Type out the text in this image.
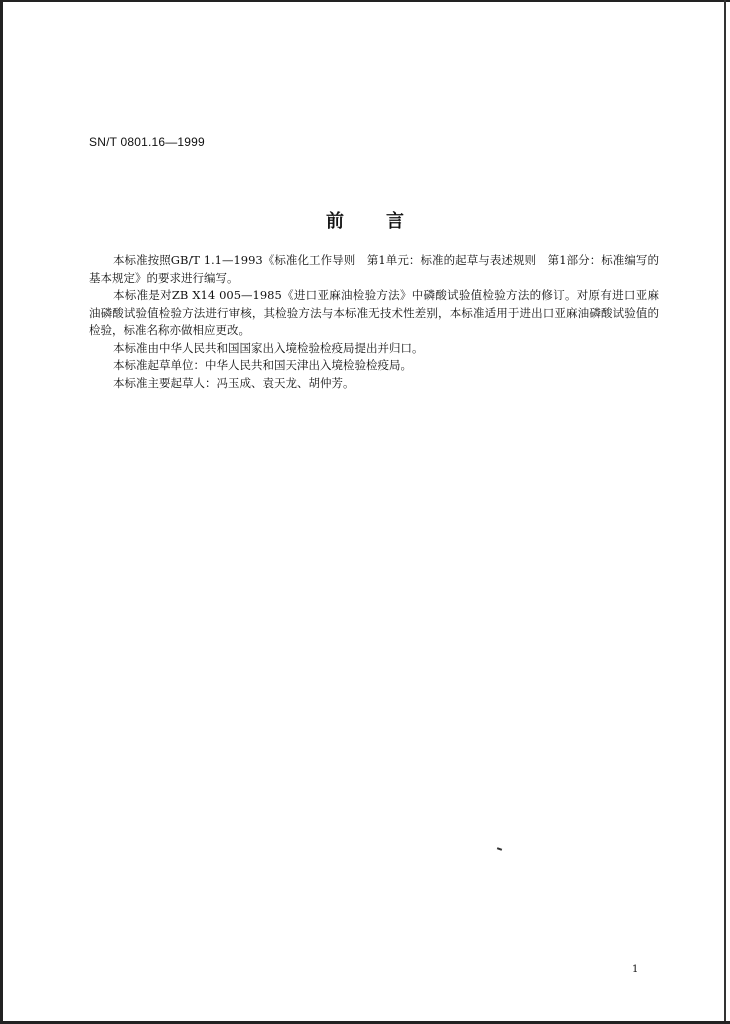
SN/T 0801.16—1999
前言

本标准按照GB/T 1.1—1993《标准化工作导则　第1单元：标准的起草与表述规则　第1部分：标准编写的基本规定》的要求进行编写。

本标准是对ZB X14 005—1985《进口亚麻油检验方法》中磷酸试验值检验方法的修订。对原有进口亚麻油磷酸试验值检验方法进行审核，其检验方法与本标准无技术性差别，本标准适用于进出口亚麻油磷酸试验值的检验，标准名称亦做相应更改。

本标准由中华人民共和国国家出入境检验检疫局提出并归口。

本标准起草单位：中华人民共和国天津出入境检验检疫局。

本标准主要起草人：冯玉成、袁天龙、胡仲芳。

1
